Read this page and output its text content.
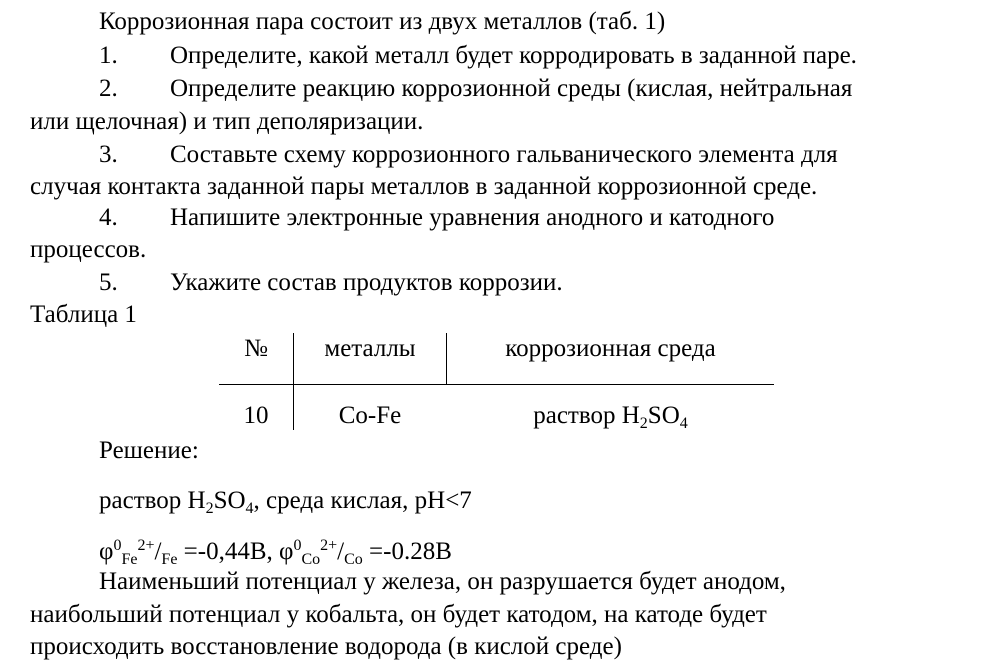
Коррозионная пара состоит из двух металлов (таб. 1)
1. Определите, какой металл будет корродировать в заданной паре.
2. Определите реакцию коррозионной среды (кислая, нейтральная
или щелочная) и тип деполяризации.
3. Составьте схему коррозионного гальванического элемента для
случая контакта заданной пары металлов в заданной коррозионной среде.
4. Напишите электронные уравнения анодного и катодного
процессов.
5. Укажите состав продуктов коррозии.
Таблица 1
№	металлы	коррозионная среда
10	Co-Fe	раствор $H_2SO_4$
Решение:
раствор $H_2SO_4$, среда кислая, pH<7
$\varphi^0_{Fe}^{2+}/_{Fe} =-0,44В$, $\varphi^0_{Co}^{2+}/_{Co} =-0.28В$
Наименьший потенциал у железа, он разрушается будет анодом,
наибольший потенциал у кобальта, он будет катодом, на катоде будет
происходить восстановление водорода (в кислой среде)
